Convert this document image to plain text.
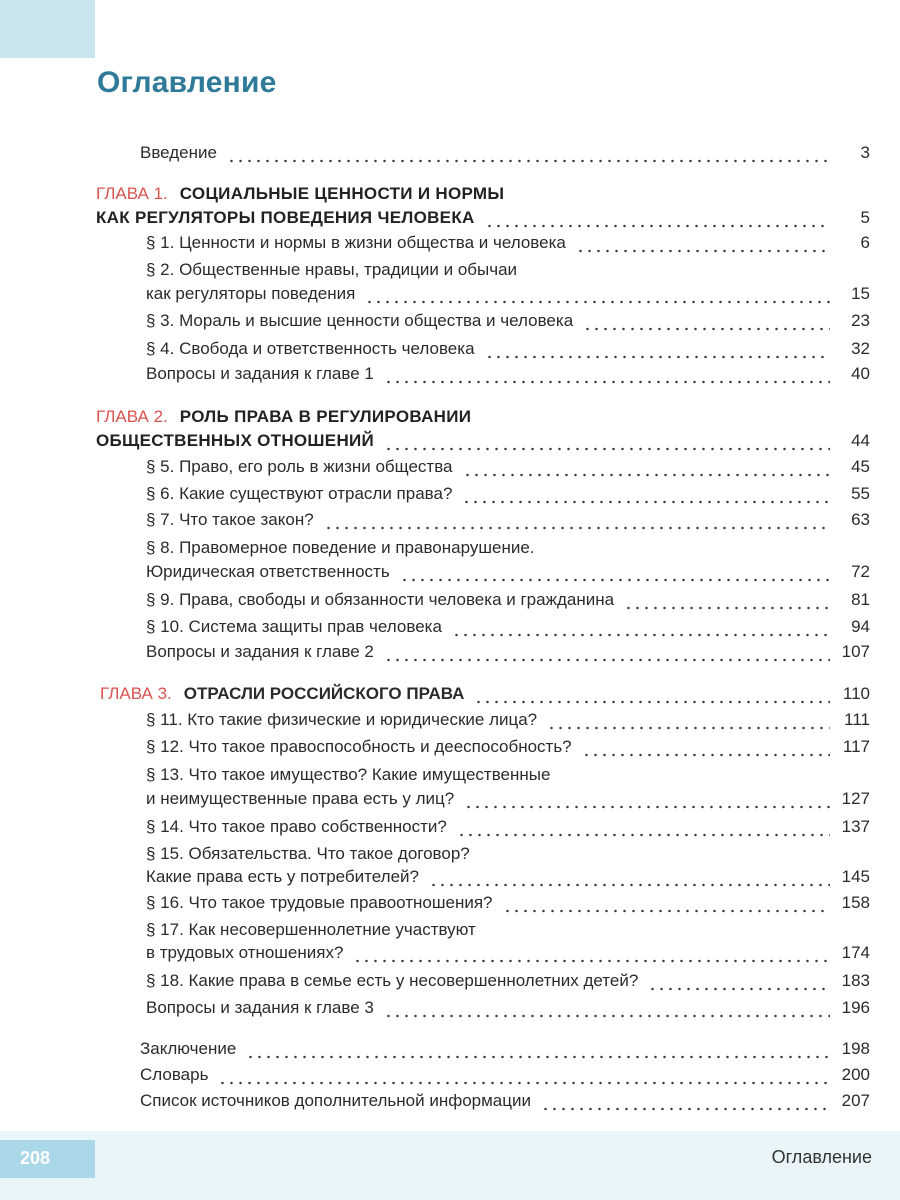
Оглавление
Введение	3
ГЛАВА 1. СОЦИАЛЬНЫЕ ЦЕННОСТИ И НОРМЫ
КАК РЕГУЛЯТОРЫ ПОВЕДЕНИЯ ЧЕЛОВЕКА	5
§ 1. Ценности и нормы в жизни общества и человека	6
§ 2. Общественные нравы, традиции и обычаи
как регуляторы поведения	15
§ 3. Мораль и высшие ценности общества и человека	23
§ 4. Свобода и ответственность человека	32
Вопросы и задания к главе 1	40
ГЛАВА 2. РОЛЬ ПРАВА В РЕГУЛИРОВАНИИ
ОБЩЕСТВЕННЫХ ОТНОШЕНИЙ	44
§ 5. Право, его роль в жизни общества	45
§ 6. Какие существуют отрасли права?	55
§ 7. Что такое закон?	63
§ 8. Правомерное поведение и правонарушение.
Юридическая ответственность	72
§ 9. Права, свободы и обязанности человека и гражданина	81
§ 10. Система защиты прав человека	94
Вопросы и задания к главе 2	107
ГЛАВА 3. ОТРАСЛИ РОССИЙСКОГО ПРАВА	110
§ 11. Кто такие физические и юридические лица?	111
§ 12. Что такое правоспособность и дееспособность?	117
§ 13. Что такое имущество? Какие имущественные
и неимущественные права есть у лиц?	127
§ 14. Что такое право собственности?	137
§ 15. Обязательства. Что такое договор?
Какие права есть у потребителей?	145
§ 16. Что такое трудовые правоотношения?	158
§ 17. Как несовершеннолетние участвуют
в трудовых отношениях?	174
§ 18. Какие права в семье есть у несовершеннолетних детей?	183
Вопросы и задания к главе 3	196
Заключение	198
Словарь	200
Список источников дополнительной информации	207
208	Оглавление
